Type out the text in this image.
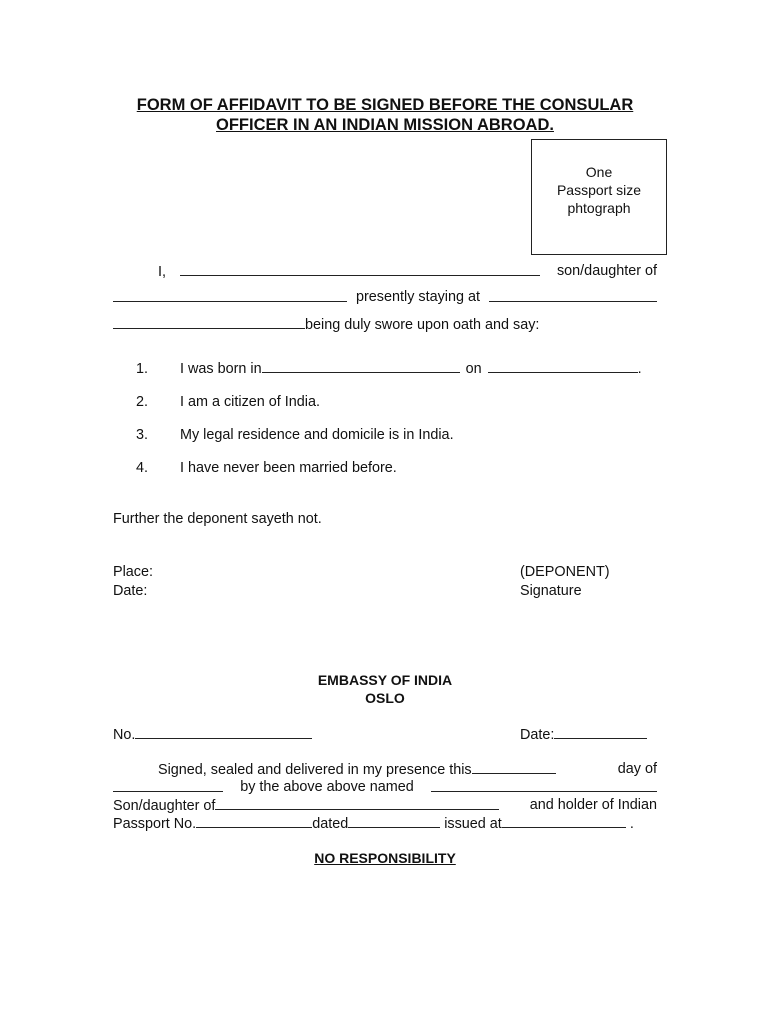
FORM OF AFFIDAVIT TO BE SIGNED BEFORE THE CONSULAR
OFFICER IN AN INDIAN MISSION ABROAD.
One
Passport size
phtograph
I,	son/daughter of
presently staying at
being duly swore upon oath and say:
1. I was born in	on	.
2. I am a citizen of India.
3. My legal residence and domicile is in India.
4. I have never been married before.
Further the deponent sayeth not.
Place:
Date:
(DEPONENT)
Signature
EMBASSY OF INDIA
OSLO
No.	Date:
Signed, sealed and delivered in my presence this	day of
by the above above named
Son/daughter of	and holder of Indian
Passport No.	dated	issued at	.
NO RESPONSIBILITY
